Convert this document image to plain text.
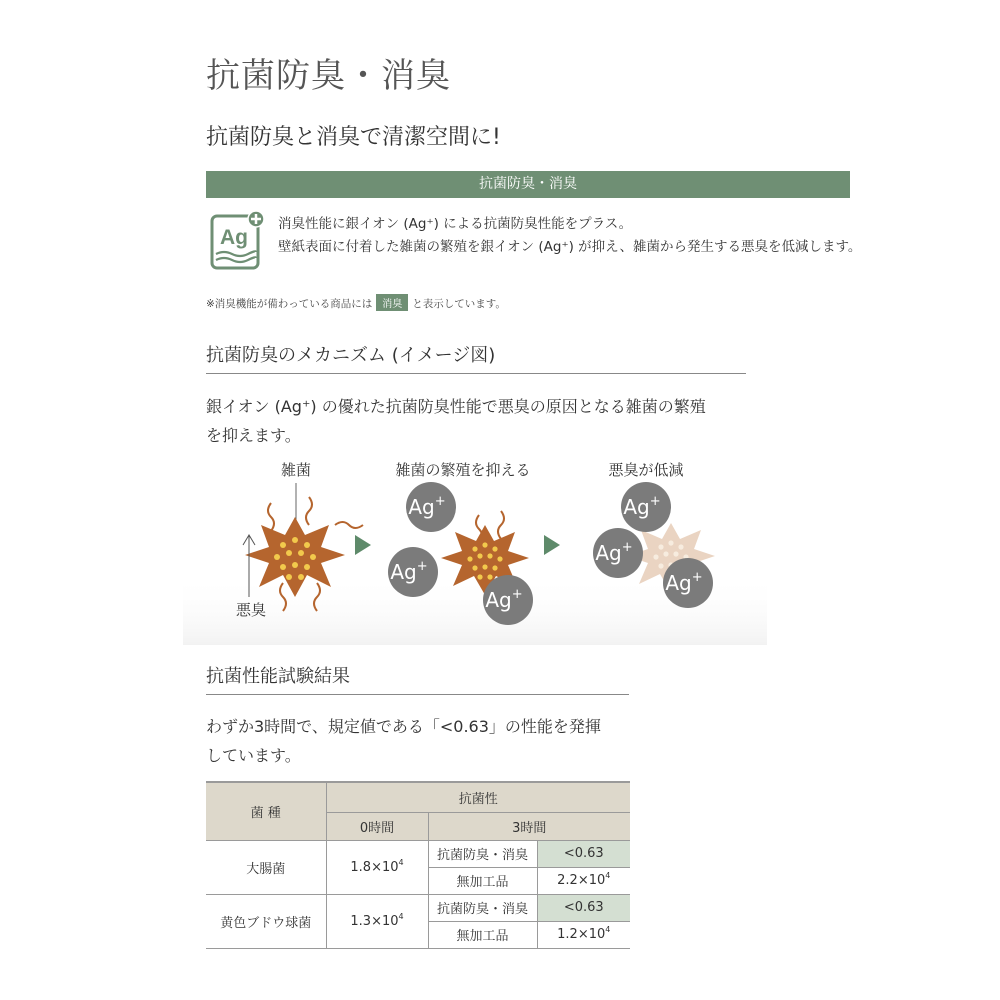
抗菌防臭・消臭
抗菌防臭と消臭で清潔空間に!
抗菌防臭・消臭
Ag
消臭性能に銀イオン (Ag⁺) による抗菌防臭性能をプラス。
壁紙表面に付着した雑菌の繁殖を銀イオン (Ag⁺) が抑え、雑菌から発生する悪臭を低減します。
※消臭機能が備わっている商品には 消臭 と表示しています。
抗菌防臭のメカニズム (イメージ図)
銀イオン (Ag⁺) の優れた抗菌防臭性能で悪臭の原因となる雑菌の繁殖
を抑えます。
雑菌
悪臭
雑菌の繁殖を抑える
Ag+
Ag+
Ag+
悪臭が低減
Ag+
Ag+
Ag+
抗菌性能試験結果
わずか3時間で、規定値である「<0.63」の性能を発揮
しています。
菌 種	抗菌性		
	0時間	3時間	
大腸菌	$1.8\times 10^4$	抗菌防臭・消臭	<0.63
		無加工品	$2.2\times 10^4$
黄色ブドウ球菌	$1.3\times 10^4$	抗菌防臭・消臭	<0.63
		無加工品	$1.2\times 10^4$
